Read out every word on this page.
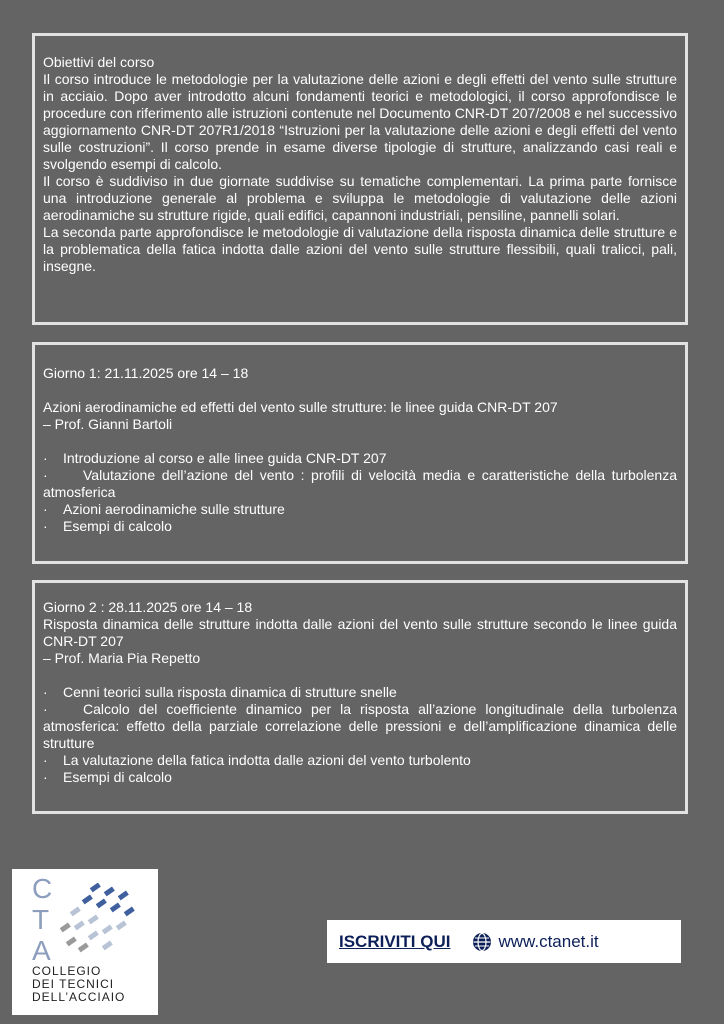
Obiettivi del corso

Il corso introduce le metodologie per la valutazione delle azioni e degli effetti del vento sulle strutture in acciaio. Dopo aver introdotto alcuni fondamenti teorici e metodologici, il corso approfondisce le procedure con riferimento alle istruzioni contenute nel Documento CNR-DT 207/2008 e nel successivo aggiornamento CNR-DT 207R1/2018 “Istruzioni per la valutazione delle azioni e degli effetti del vento sulle costruzioni”. Il corso prende in esame diverse tipologie di strutture, analizzando casi reali e svolgendo esempi di calcolo.

Il corso è suddiviso in due giornate suddivise su tematiche complementari. La prima parte fornisce una introduzione generale al problema e sviluppa le metodologie di valutazione delle azioni aerodinamiche su strutture rigide, quali edifici, capannoni industriali, pensiline, pannelli solari.

La seconda parte approfondisce le metodologie di valutazione della risposta dinamica delle strutture e la problematica della fatica indotta dalle azioni del vento sulle strutture flessibili, quali tralicci, pali, insegne.

Giorno 1: 21.11.2025 ore 14 – 18
Azioni aerodinamiche ed effetti del vento sulle strutture: le linee guida CNR-DT 207
– Prof. Gianni Bartoli
· Introduzione al corso e alle linee guida CNR-DT 207
·	Valutazione dell’azione del vento : profili di velocità media e caratteristiche della turbolenza atmosferica
· Azioni aerodinamiche sulle strutture
· Esempi di calcolo
Giorno 2 : 28.11.2025 ore 14 – 18
Risposta dinamica delle strutture indotta dalle azioni del vento sulle strutture secondo le linee guida CNR-DT 207
– Prof. Maria Pia Repetto
· Cenni teorici sulla risposta dinamica di strutture snelle
·	Calcolo del coefficiente dinamico per la risposta all’azione longitudinale della turbolenza atmosferica: effetto della parziale correlazione delle pressioni e dell’amplificazione dinamica delle strutture
· La valutazione della fatica indotta dalle azioni del vento turbolento
· Esempi di calcolo
C
T
A
COLLEGIO
DEI TECNICI
DELL’ACCIAIO
ISCRIVITI QUI	www.ctanet.it
